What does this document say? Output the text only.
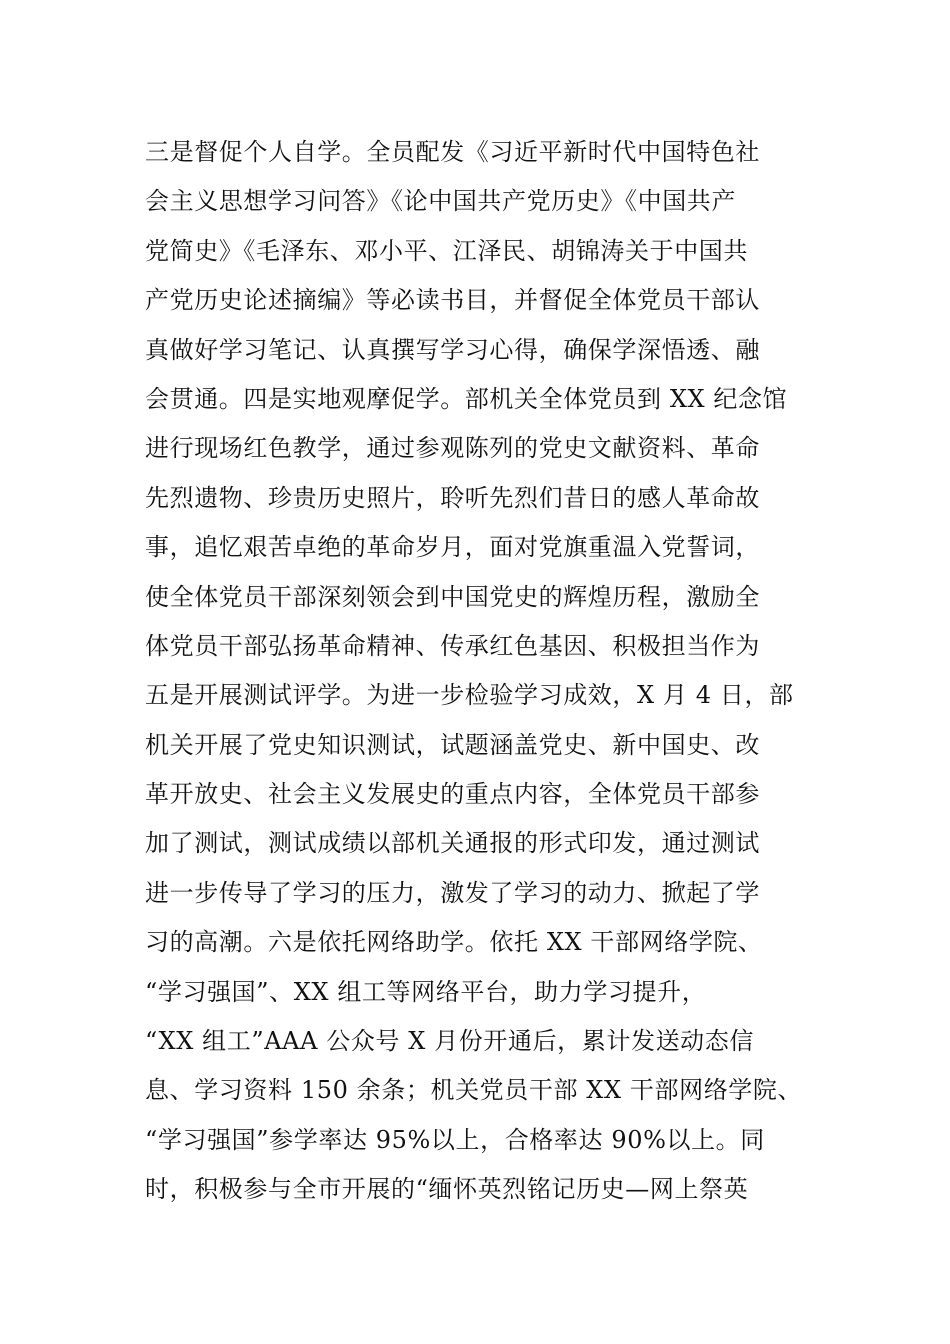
三是督促个人自学。全员配发《习近平新时代中国特色社
会主义思想学习问答》《论中国共产党历史》《中国共产
党简史》《毛泽东、邓小平、江泽民、胡锦涛关于中国共
产党历史论述摘编》等必读书目，并督促全体党员干部认
真做好学习笔记、认真撰写学习心得，确保学深悟透、融
会贯通。四是实地观摩促学。部机关全体党员到 XX 纪念馆
进行现场红色教学，通过参观陈列的党史文献资料、革命
先烈遗物、珍贵历史照片，聆听先烈们昔日的感人革命故
事，追忆艰苦卓绝的革命岁月，面对党旗重温入党誓词，
使全体党员干部深刻领会到中国党史的辉煌历程，激励全
体党员干部弘扬革命精神、传承红色基因、积极担当作为
五是开展测试评学。为进一步检验学习成效，X 月 4 日，部
机关开展了党史知识测试，试题涵盖党史、新中国史、改
革开放史、社会主义发展史的重点内容，全体党员干部参
加了测试，测试成绩以部机关通报的形式印发，通过测试
进一步传导了学习的压力，激发了学习的动力、掀起了学
习的高潮。六是依托网络助学。依托 XX 干部网络学院、
“学习强国”、XX 组工等网络平台，助力学习提升，
“XX 组工”AAA 公众号 X 月份开通后，累计发送动态信
息、学习资料 150 余条；机关党员干部 XX 干部网络学院、
“学习强国”参学率达 95%以上，合格率达 90%以上。同
时，积极参与全市开展的“缅怀英烈铭记历史—网上祭英
